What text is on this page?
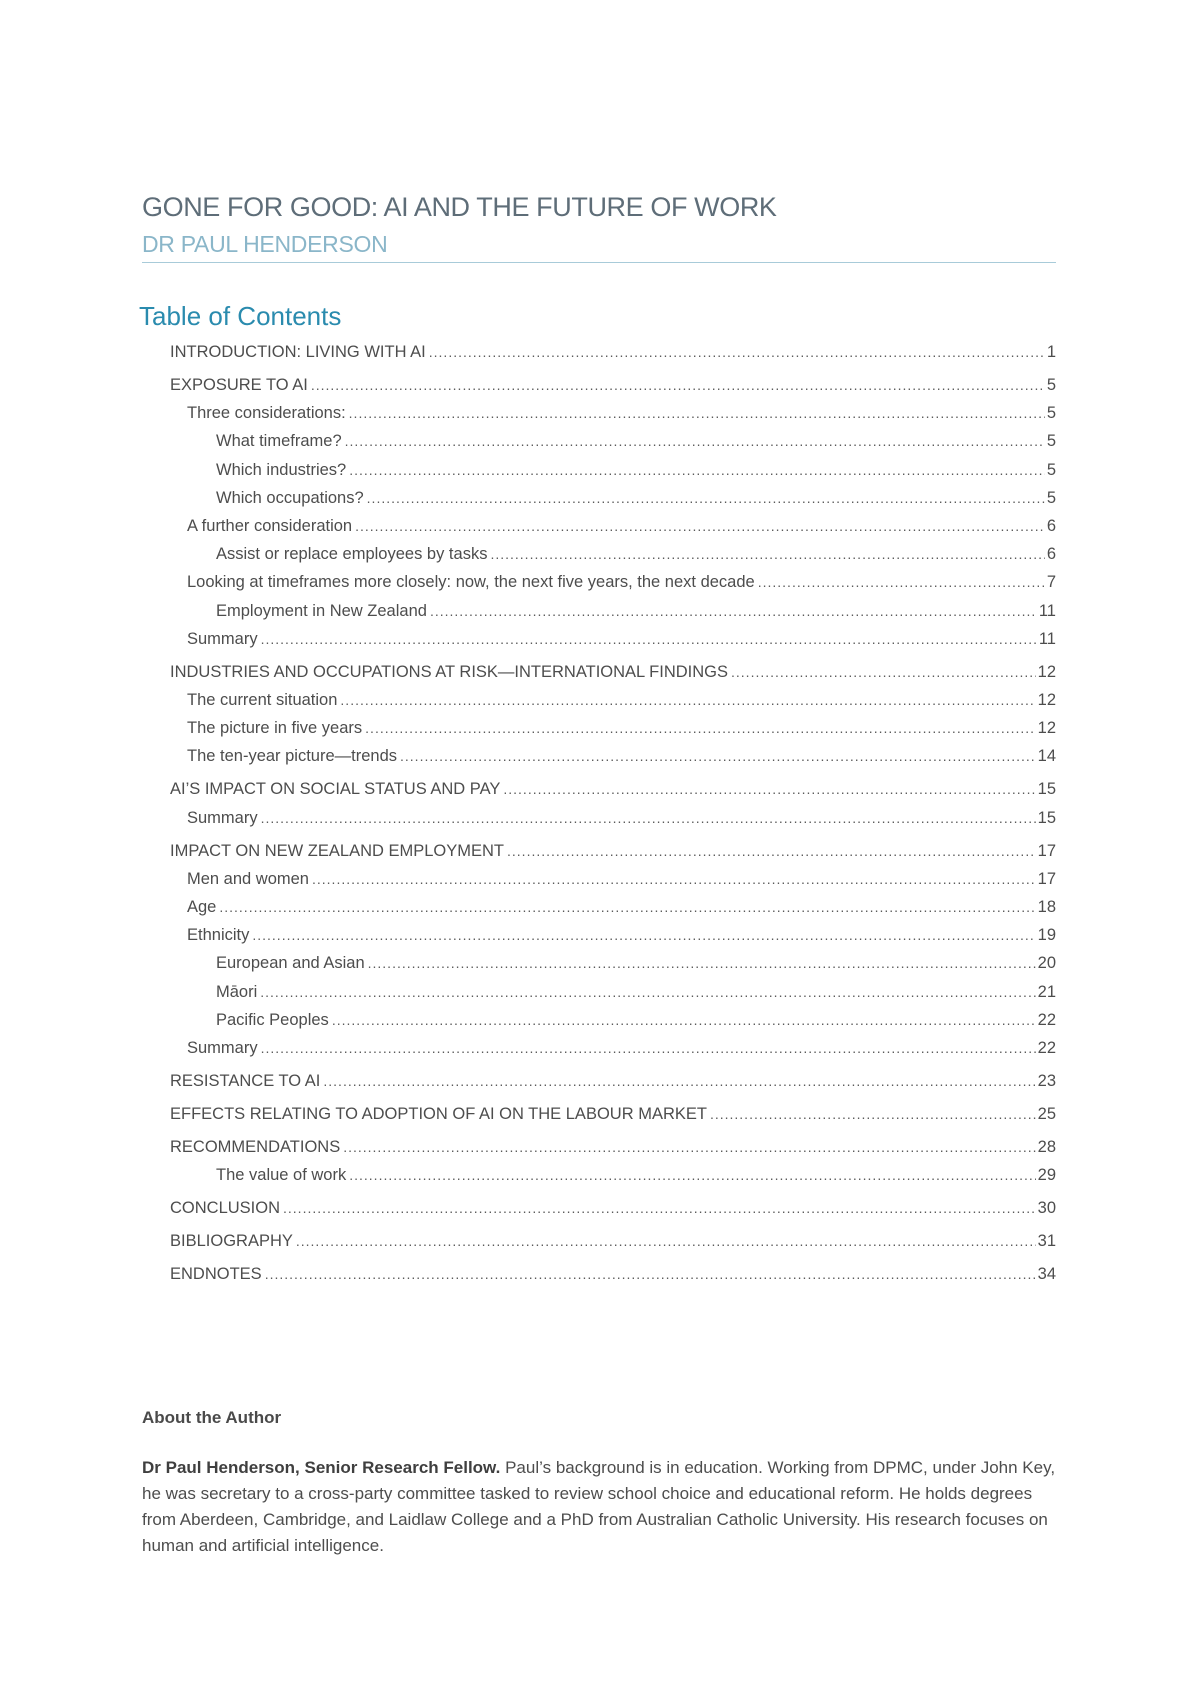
GONE FOR GOOD: AI AND THE FUTURE OF WORK
DR PAUL HENDERSON
Table of Contents
INTRODUCTION: LIVING WITH AI .....	1
EXPOSURE TO AI .....	5
Three considerations: .....	5
What timeframe? .....	5
Which industries? .....	5
Which occupations? .....	5
A further consideration .....	6
Assist or replace employees by tasks .....	6
Looking at timeframes more closely: now, the next five years, the next decade .....	7
Employment in New Zealand .....	11
Summary .....	11
INDUSTRIES AND OCCUPATIONS AT RISK—INTERNATIONAL FINDINGS .....	12
The current situation .....	12
The picture in five years .....	12
The ten-year picture—trends .....	14
AI’S IMPACT ON SOCIAL STATUS AND PAY .....	15
Summary .....	15
IMPACT ON NEW ZEALAND EMPLOYMENT .....	17
Men and women .....	17
Age .....	18
Ethnicity .....	19
European and Asian .....	20
Māori .....	21
Pacific Peoples .....	22
Summary .....	22
RESISTANCE TO AI .....	23
EFFECTS RELATING TO ADOPTION OF AI ON THE LABOUR MARKET .....	25
RECOMMENDATIONS .....	28
The value of work .....	29
CONCLUSION .....	30
BIBLIOGRAPHY .....	31
ENDNOTES .....	34
About the Author
Dr Paul Henderson, Senior Research Fellow. Paul’s background is in education. Working from DPMC, under John Key, he was secretary to a cross-party committee tasked to review school choice and educational reform. He holds degrees from Aberdeen, Cambridge, and Laidlaw College and a PhD from Australian Catholic University. His research focuses on human and artificial intelligence.
